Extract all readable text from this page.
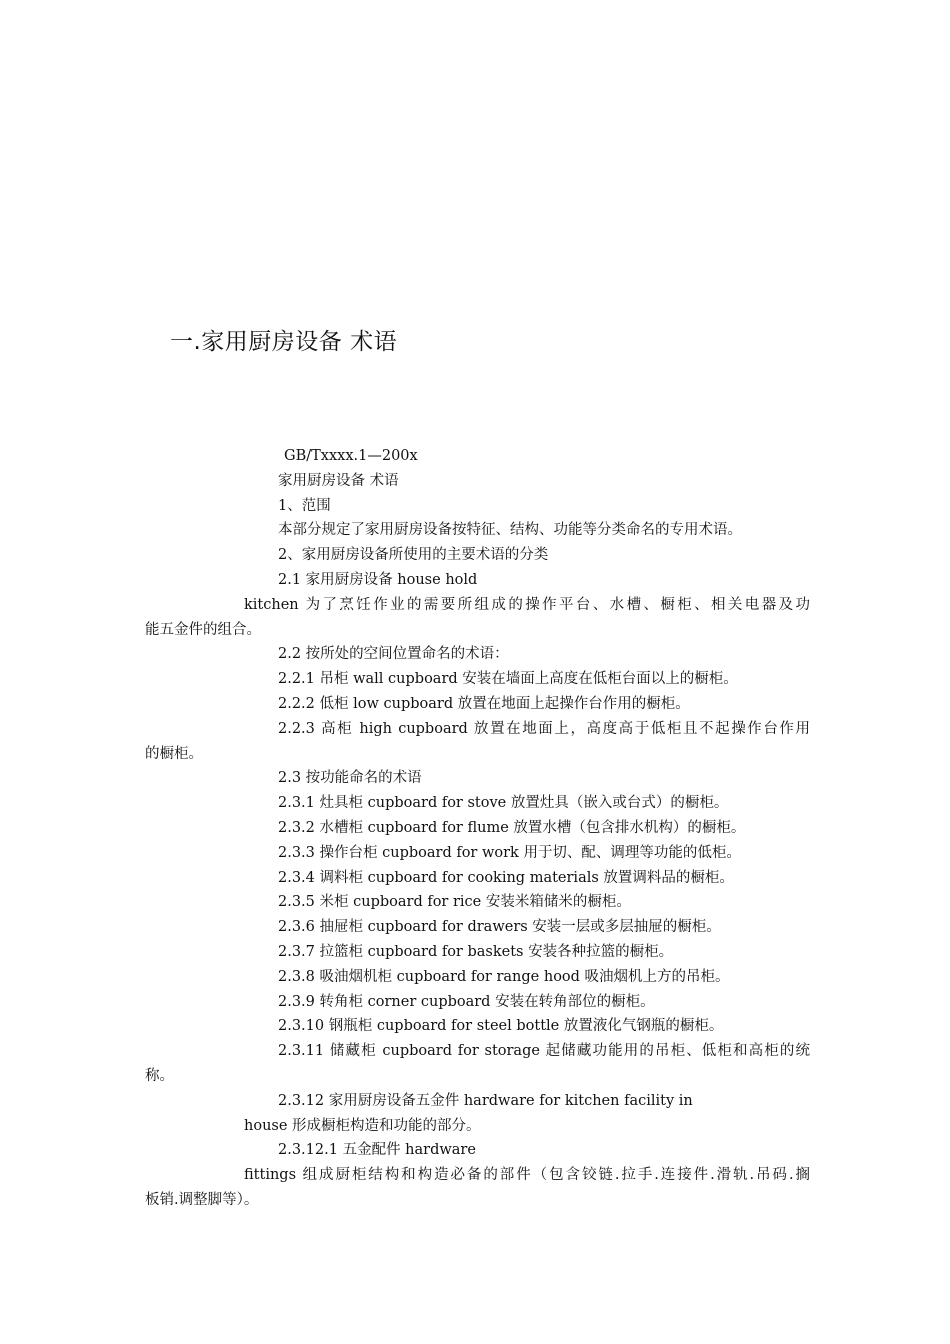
一.家用厨房设备 术语
GB/Txxxx.1—200x
家用厨房设备 术语
1、范围
本部分规定了家用厨房设备按特征、结构、功能等分类命名的专用术语。
2、家用厨房设备所使用的主要术语的分类
2.1 家用厨房设备 house hold
kitchen 为了烹饪作业的需要所组成的操作平台、水槽、橱柜、相关电器及功
能五金件的组合。
2.2 按所处的空间位置命名的术语：
2.2.1 吊柜 wall cupboard 安装在墙面上高度在低柜台面以上的橱柜。
2.2.2 低柜 low cupboard 放置在地面上起操作台作用的橱柜。
2.2.3 高柜 high cupboard 放置在地面上，高度高于低柜且不起操作台作用
的橱柜。
2.3 按功能命名的术语
2.3.1 灶具柜 cupboard for stove 放置灶具（嵌入或台式）的橱柜。
2.3.2 水槽柜 cupboard for flume 放置水槽（包含排水机构）的橱柜。
2.3.3 操作台柜 cupboard for work 用于切、配、调理等功能的低柜。
2.3.4 调料柜 cupboard for cooking materials 放置调料品的橱柜。
2.3.5 米柜 cupboard for rice 安装米箱储米的橱柜。
2.3.6 抽屉柜 cupboard for drawers 安装一层或多层抽屉的橱柜。
2.3.7 拉篮柜 cupboard for baskets 安装各种拉篮的橱柜。
2.3.8 吸油烟机柜 cupboard for range hood 吸油烟机上方的吊柜。
2.3.9 转角柜 corner cupboard 安装在转角部位的橱柜。
2.3.10 钢瓶柜 cupboard for steel bottle 放置液化气钢瓶的橱柜。
2.3.11 储藏柜 cupboard for storage 起储藏功能用的吊柜、低柜和高柜的统
称。
2.3.12 家用厨房设备五金件 hardware for kitchen facility in
house 形成橱柜构造和功能的部分。
2.3.12.1 五金配件 hardware
fittings 组成厨柜结构和构造必备的部件（包含铰链.拉手.连接件.滑轨.吊码.搁
板销.调整脚等）。
